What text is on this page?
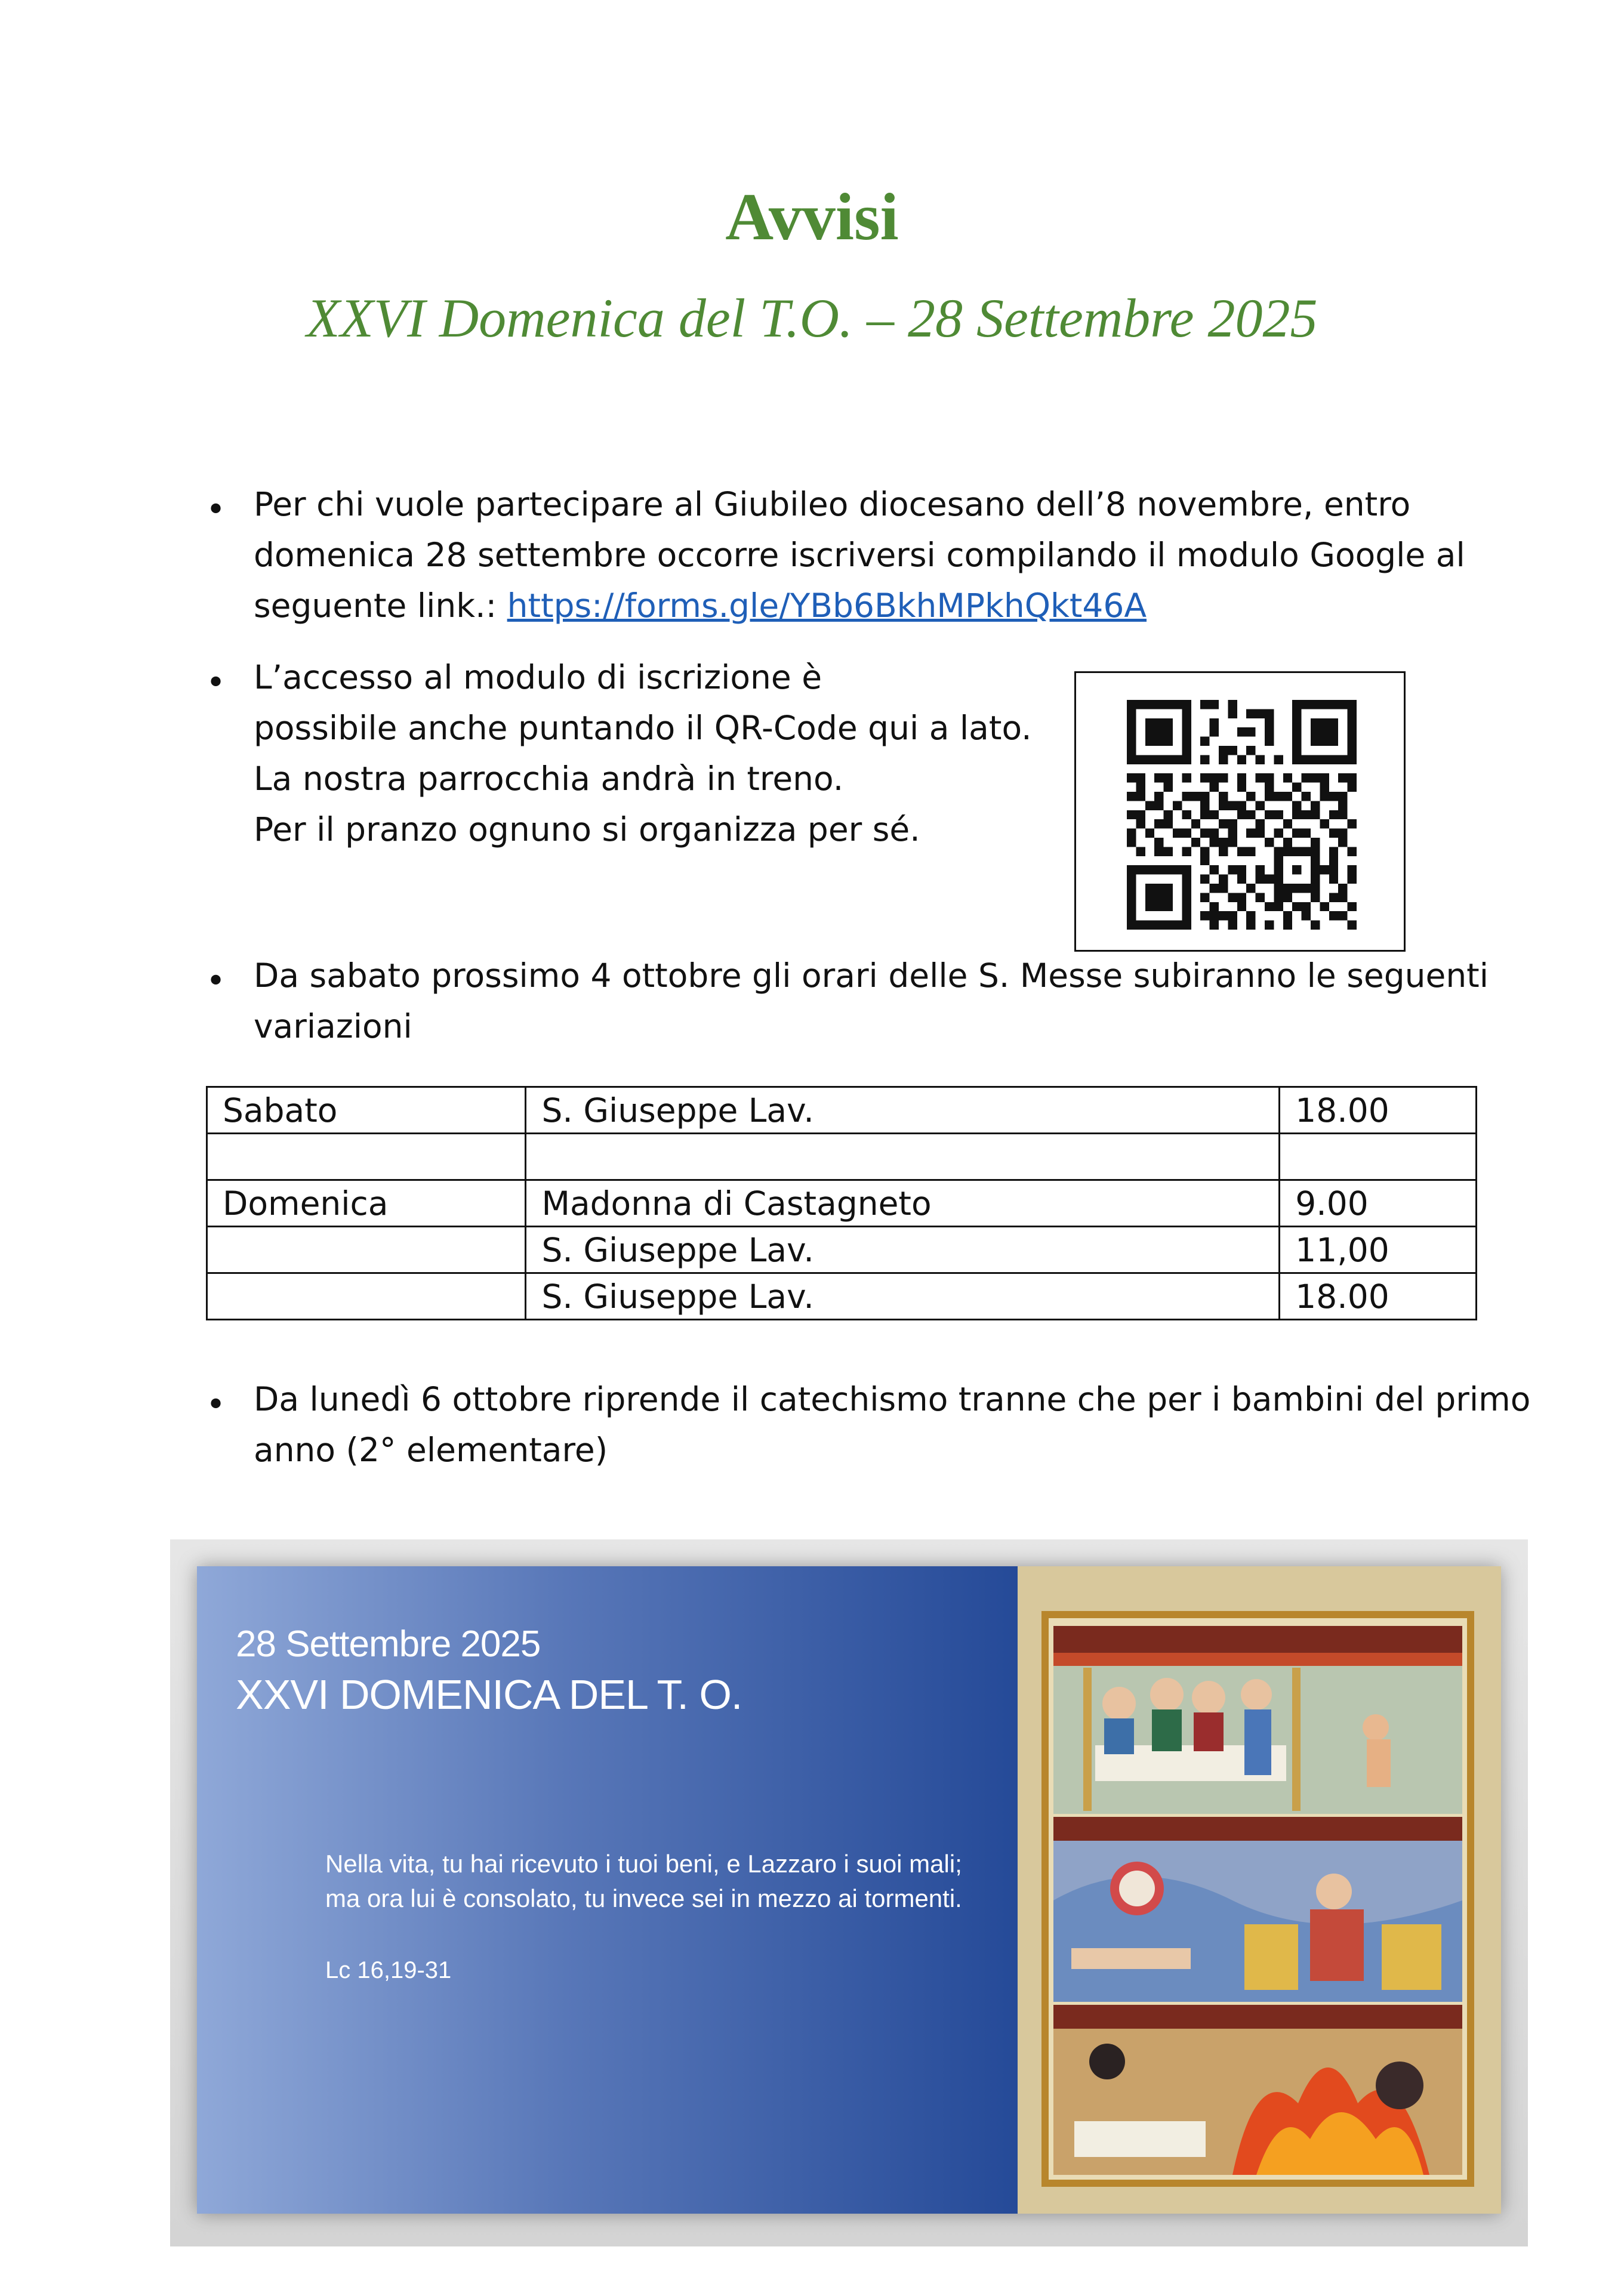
Avvisi
XXVI Domenica del T.O. – 28 Settembre 2025
• Per chi vuole partecipare al Giubileo diocesano dell’8 novembre, entro
domenica 28 settembre occorre iscriversi compilando il modulo Google al
seguente link.: https://forms.gle/YBb6BkhMPkhQkt46A
• L’accesso al modulo di iscrizione è
possibile anche puntando il QR-Code qui a lato.
La nostra parrocchia andrà in treno.
Per il pranzo ognuno si organizza per sé.
• Da sabato prossimo 4 ottobre gli orari delle S. Messe subiranno le seguenti
variazioni
Sabato	S. Giuseppe Lav.	18.00

Domenica	Madonna di Castagneto	9.00
	S. Giuseppe Lav.	11,00
	S. Giuseppe Lav.	18.00
• Da lunedì 6 ottobre riprende il catechismo tranne che per i bambini del primo
anno (2° elementare)
28 Settembre 2025
XXVI DOMENICA DEL T. O.
Nella vita, tu hai ricevuto i tuoi beni, e Lazzaro i suoi mali;
ma ora lui è consolato, tu invece sei in mezzo ai tormenti.
Lc 16,19-31
